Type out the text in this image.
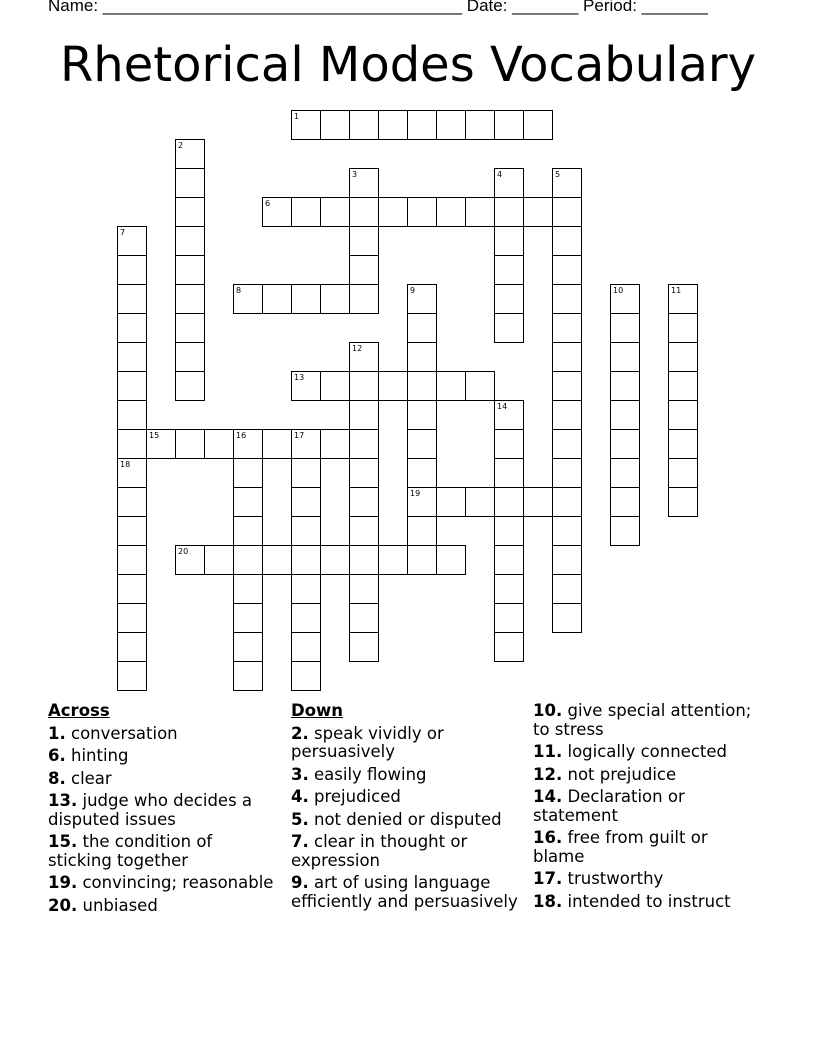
Name: ______________________________________ Date: _______ Period: _______
Rhetorical Modes Vocabulary
1
2
3	4	5
6
7
8	9	10	11
12
13
14
15	16	17
18
19
20
Across
1. conversation
6. hinting
8. clear
13. judge who decides a disputed issues
15. the condition of sticking together
19. convincing; reasonable
20. unbiased
Down
2. speak vividly or persuasively
3. easily flowing
4. prejudiced
5. not denied or disputed
7. clear in thought or expression
9. art of using language efficiently and persuasively
10. give special attention; to stress
11. logically connected
12. not prejudice
14. Declaration or statement
16. free from guilt or blame
17. trustworthy
18. intended to instruct
